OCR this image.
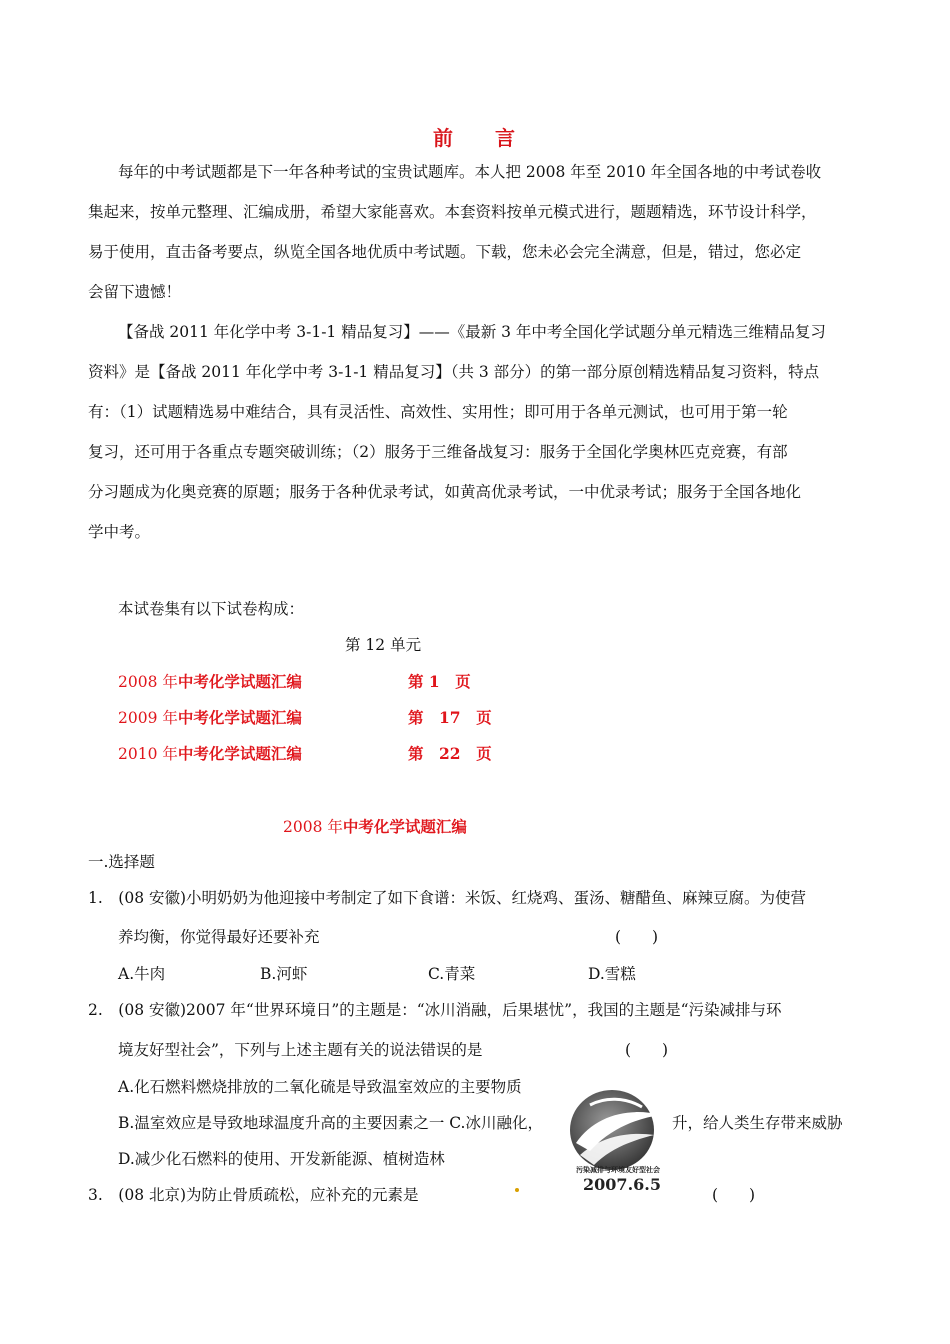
前 言
每年的中考试题都是下一年各种考试的宝贵试题库。本人把 2008 年至 2010 年全国各地的中考试卷收
集起来，按单元整理、汇编成册，希望大家能喜欢。本套资料按单元模式进行，题题精选，环节设计科学，
易于使用，直击备考要点，纵览全国各地优质中考试题。下载，您未必会完全满意，但是，错过，您必定
会留下遗憾！
【备战 2011 年化学中考 3-1-1 精品复习】——《最新 3 年中考全国化学试题分单元精选三维精品复习
资料》是【备战 2011 年化学中考 3-1-1 精品复习】（共 3 部分）的第一部分原创精选精品复习资料，特点
有：（1）试题精选易中难结合，具有灵活性、高效性、实用性；即可用于各单元测试，也可用于第一轮
复习，还可用于各重点专题突破训练；（2）服务于三维备战复习：服务于全国化学奥林匹克竞赛，有部
分习题成为化奥竞赛的原题；服务于各种优录考试，如黄高优录考试，一中优录考试；服务于全国各地化
学中考。
本试卷集有以下试卷构成：
第 12 单元
2008 年中考化学试题汇编	第 1　页
2009 年中考化学试题汇编	第　17　页
2010 年中考化学试题汇编	第　22　页
2008 年中考化学试题汇编
一.选择题
1.　(08 安徽)小明奶奶为他迎接中考制定了如下食谱：米饭、红烧鸡、蛋汤、糖醋鱼、麻辣豆腐。为使营
养均衡，你觉得最好还要补充	(　　)
A.牛肉	B.河虾	C.青菜	D.雪糕
2.　(08 安徽)2007 年“世界环境日”的主题是：“冰川消融，后果堪忧”，我国的主题是“污染减排与环
境友好型社会”，下列与上述主题有关的说法错误的是	(　　)
A.化石燃料燃烧排放的二氧化硫是导致温室效应的主要物质
B.温室效应是导致地球温度升高的主要因素之一 C.冰川融化，	升，给人类生存带来威胁
D.减少化石燃料的使用、开发新能源、植树造林
3.　(08 北京)为防止骨质疏松，应补充的元素是	(　　)
污染减排与环境友好型社会
2007.6.5
